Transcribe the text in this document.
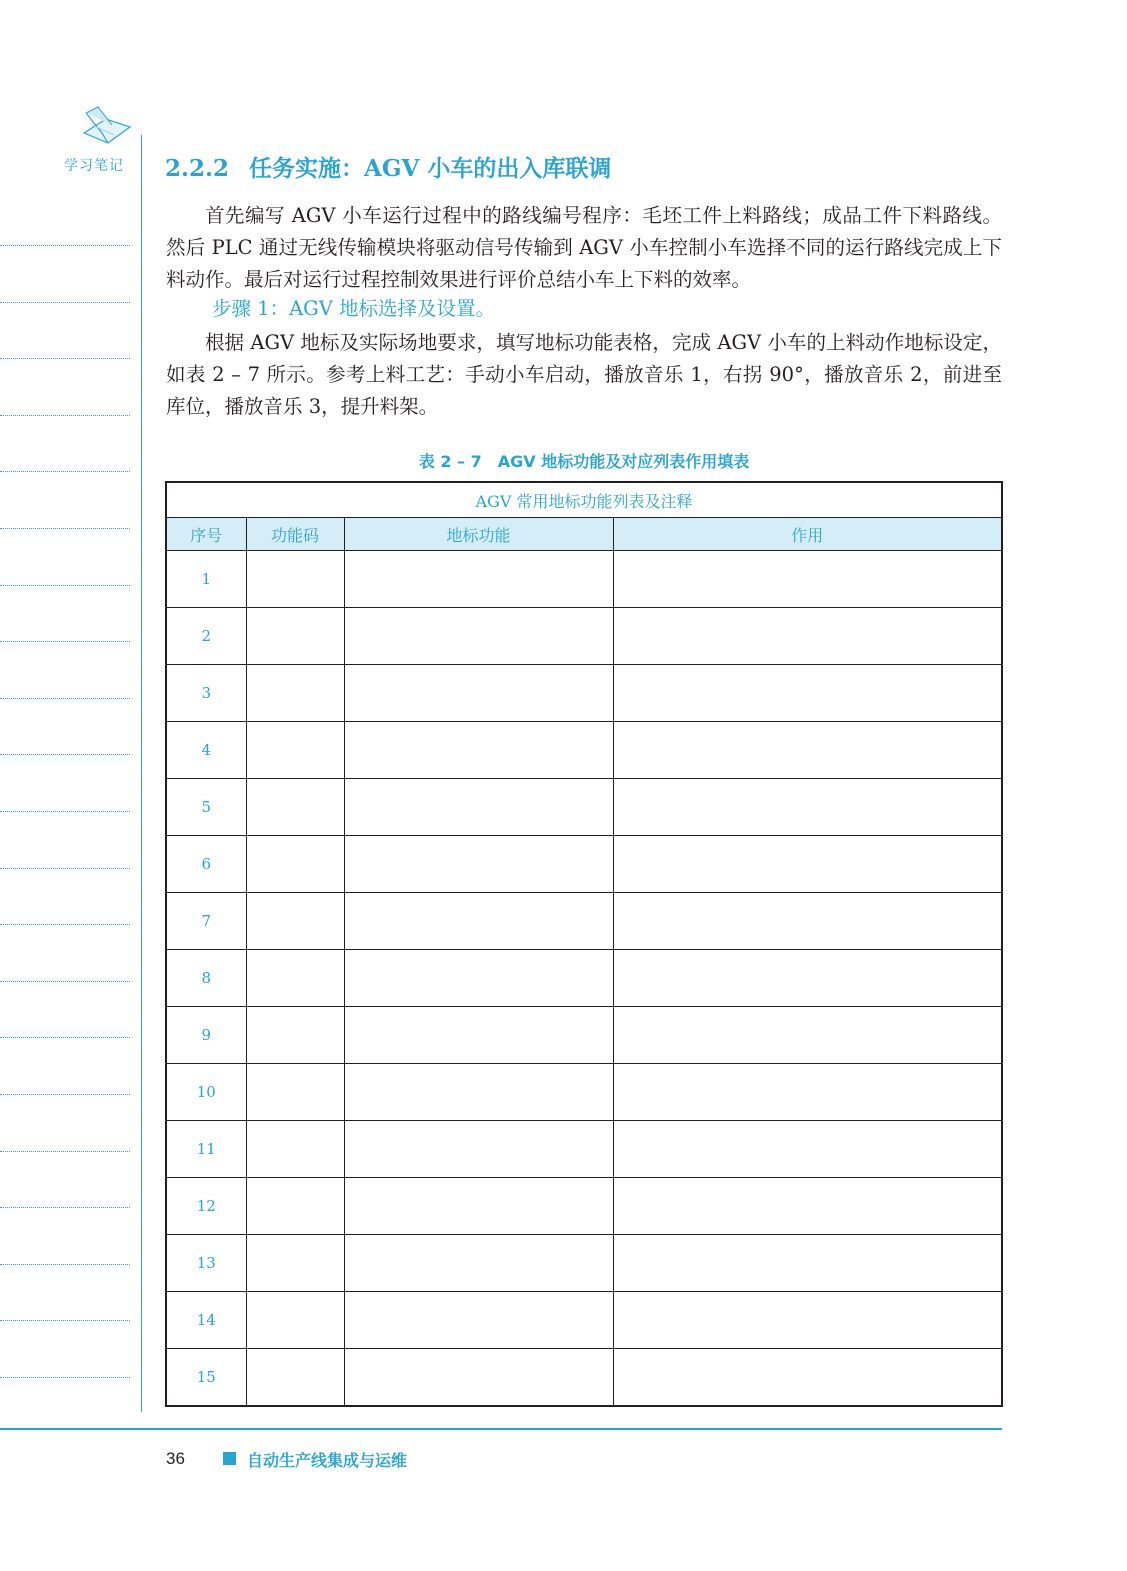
学习笔记 2.2.2 任务实施：AGV 小车的出入库联调

首先编写 AGV 小车运行过程中的路线编号程序：毛坯工件上料路线；成品工件下料路线。然后 PLC 通过无线传输模块将驱动信号传输到 AGV 小车控制小车选择不同的运行路线完成上下料动作。最后对运行过程控制效果进行评价总结小车上下料的效率。

步骤 1：AGV 地标选择及设置。

根据 AGV 地标及实际场地要求，填写地标功能表格，完成 AGV 小车的上料动作地标设定，如表 2 – 7 所示。参考上料工艺：手动小车启动，播放音乐 1，右拐 90°，播放音乐 2，前进至库位，播放音乐 3，提升料架。

表 2 – 7　AGV 地标功能及对应列表作用填表
AGV 常用地标功能列表及注释			
序号	功能码	地标功能	作用
1			
2			
3			
4			
5			
6			
7			
8			
9			
10			
11			
12			
13			
14			
15			
36	自动生产线集成与运维
